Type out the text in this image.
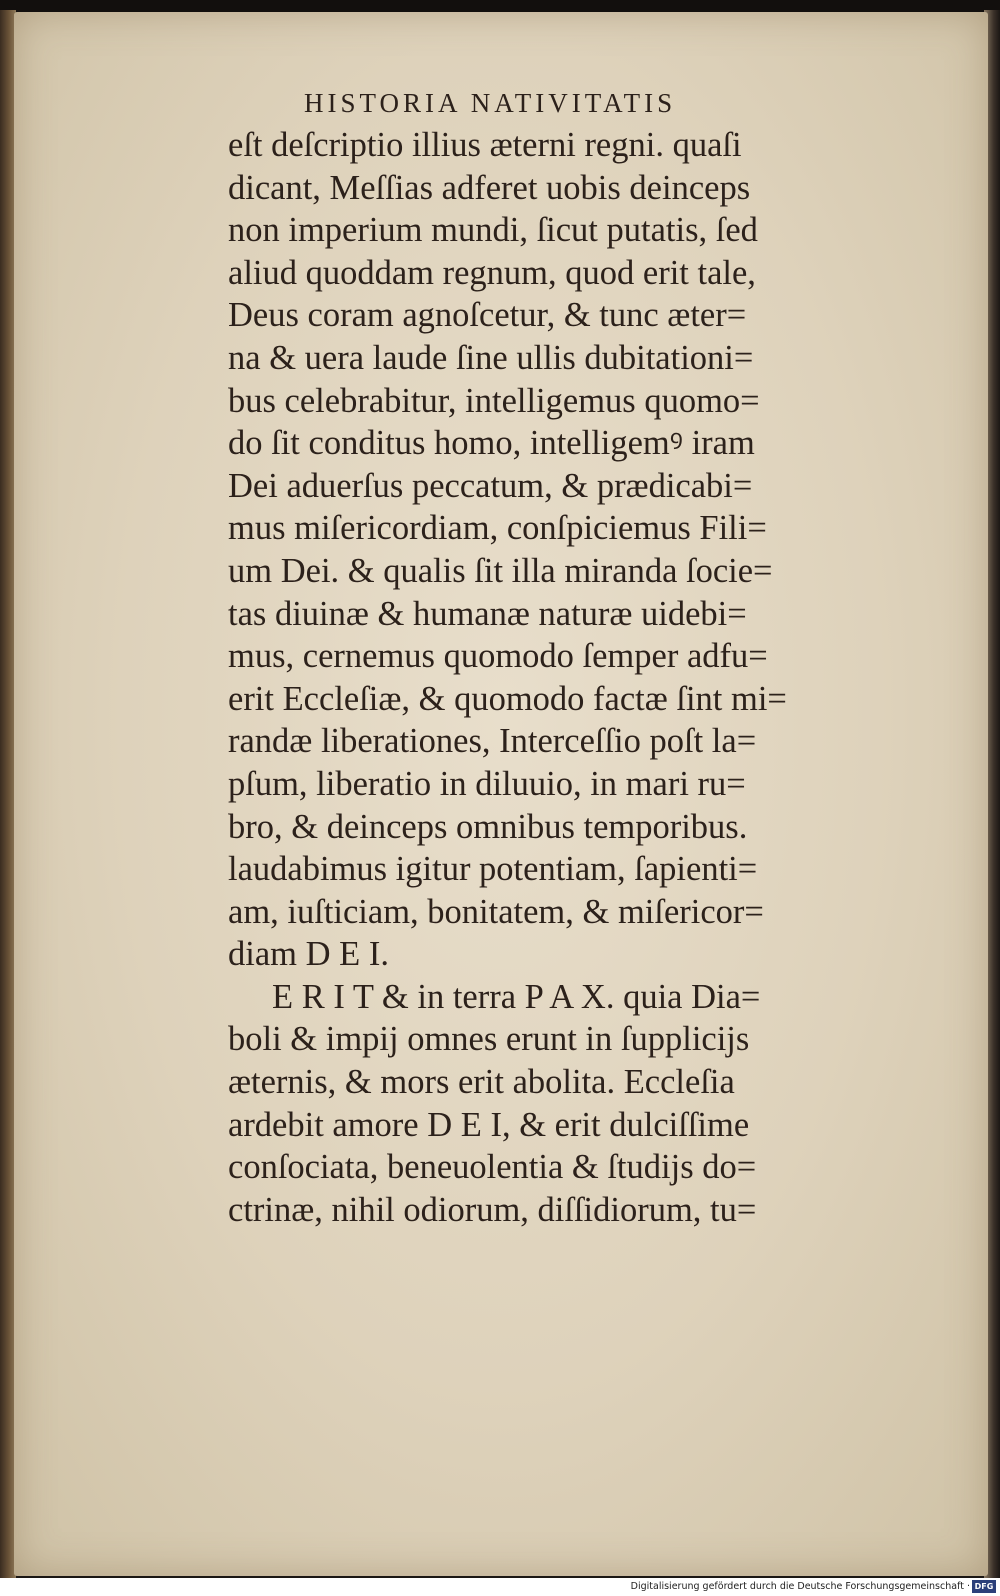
HISTORIA NATIVITATIS
eſt deſcriptio illius æterni regni. quaſi
dicant, Meſſias adferet uobis deinceps
non imperium mundi, ſicut putatis, ſed
aliud quoddam regnum, quod erit tale,
Deus coram agnoſcetur, & tunc æter=
na & uera laude ſine ullis dubitationi=
bus celebrabitur, intelligemus quomo=
do ſit conditus homo, intelligemꝰ iram
Dei aduerſus peccatum, & prædicabi=
mus miſericordiam, conſpiciemus Fili=
um Dei. & qualis ſit illa miranda ſocie=
tas diuinæ & humanæ naturæ uidebi=
mus, cernemus quomodo ſemper adfu=
erit Eccleſiæ, & quomodo factæ ſint mi=
randæ liberationes, Interceſſio poſt la=
pſum, liberatio in diluuio, in mari ru=
bro, & deinceps omnibus temporibus.
laudabimus igitur potentiam, ſapienti=
am, iuſticiam, bonitatem, & miſericor=
diam D E I.
E R I T & in terra P A X. quia Dia=
boli & impij omnes erunt in ſupplicijs
æternis, & mors erit abolita. Eccleſia
ardebit amore D E I, & erit dulciſſime
conſociata, beneuolentia & ſtudijs do=
ctrinæ, nihil odiorum, diſſidiorum, tu=
Digitalisierung gefördert durch die Deutsche Forschungsgemeinschaft · DFG
